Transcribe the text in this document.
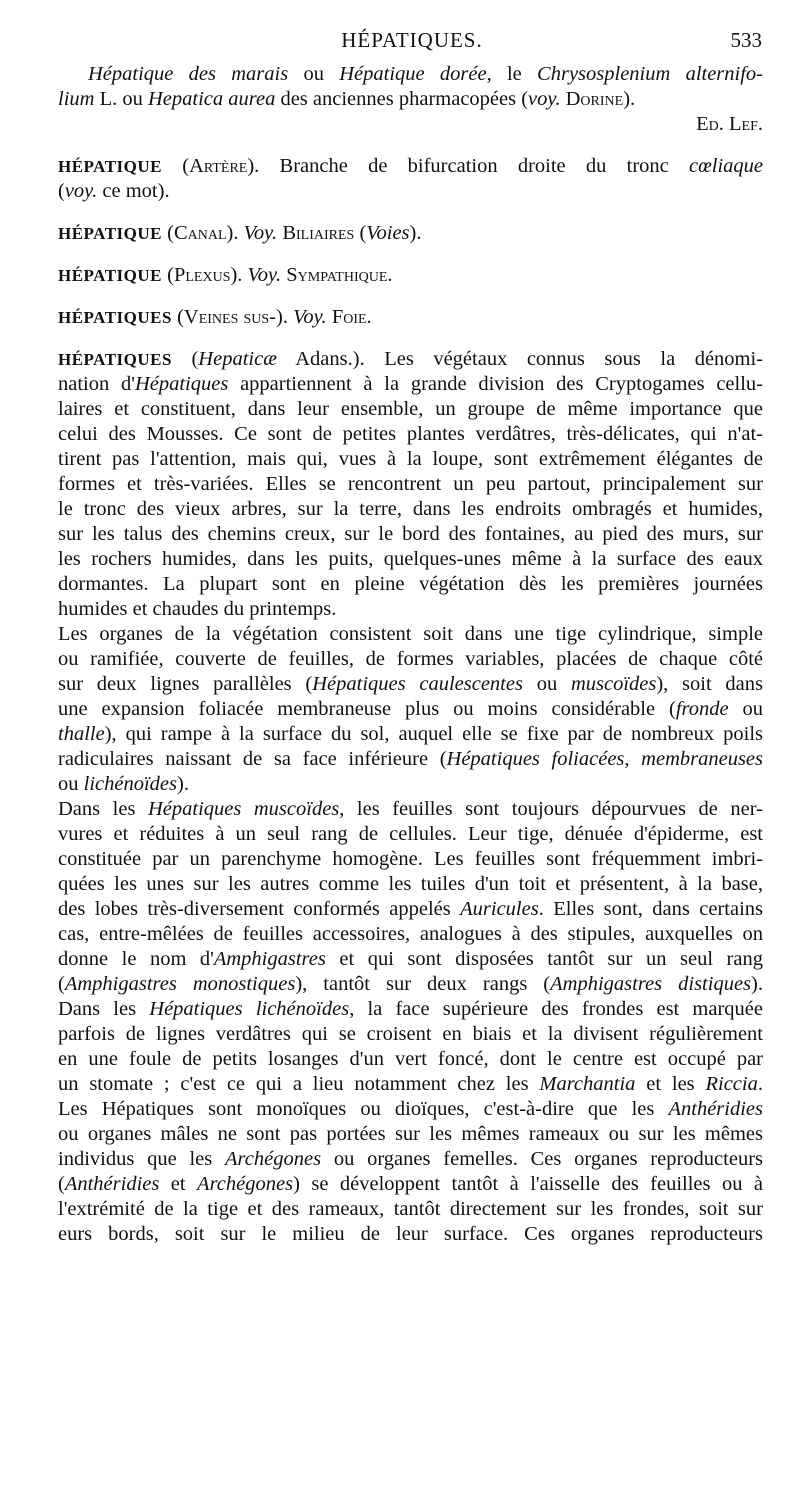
HÉPATIQUES.	533
Hépatique des marais ou Hépatique dorée, le Chrysosplenium alternifo-
lium L. ou Hepatica aurea des anciennes pharmacopées (voy. Dorine).
Ed. Lef.
HÉPATIQUE (Artère). Branche de bifurcation droite du tronc cœliaque
(voy. ce mot).
HÉPATIQUE (Canal). Voy. Biliaires (Voies).
HÉPATIQUE (Plexus). Voy. Sympathique.
HÉPATIQUES (Veines sus-). Voy. Foie.
HÉPATIQUES (Hepaticæ Adans.). Les végétaux connus sous la dénomi-
nation d'Hépatiques appartiennent à la grande division des Cryptogames cellu-
laires et constituent, dans leur ensemble, un groupe de même importance que
celui des Mousses. Ce sont de petites plantes verdâtres, très-délicates, qui n'at-
tirent pas l'attention, mais qui, vues à la loupe, sont extrêmement élégantes de
formes et très-variées. Elles se rencontrent un peu partout, principalement sur
le tronc des vieux arbres, sur la terre, dans les endroits ombragés et humides,
sur les talus des chemins creux, sur le bord des fontaines, au pied des murs, sur
les rochers humides, dans les puits, quelques-unes même à la surface des eaux
dormantes. La plupart sont en pleine végétation dès les premières journées
humides et chaudes du printemps.
Les organes de la végétation consistent soit dans une tige cylindrique, simple
ou ramifiée, couverte de feuilles, de formes variables, placées de chaque côté
sur deux lignes parallèles (Hépatiques caulescentes ou muscoïdes), soit dans
une expansion foliacée membraneuse plus ou moins considérable (fronde ou
thalle), qui rampe à la surface du sol, auquel elle se fixe par de nombreux poils
radiculaires naissant de sa face inférieure (Hépatiques foliacées, membraneuses
ou lichénoïdes).
Dans les Hépatiques muscoïdes, les feuilles sont toujours dépourvues de ner-
vures et réduites à un seul rang de cellules. Leur tige, dénuée d'épiderme, est
constituée par un parenchyme homogène. Les feuilles sont fréquemment imbri-
quées les unes sur les autres comme les tuiles d'un toit et présentent, à la base,
des lobes très-diversement conformés appelés Auricules. Elles sont, dans certains
cas, entre-mêlées de feuilles accessoires, analogues à des stipules, auxquelles on
donne le nom d'Amphigastres et qui sont disposées tantôt sur un seul rang
(Amphigastres monostiques), tantôt sur deux rangs (Amphigastres distiques).
Dans les Hépatiques lichénoïdes, la face supérieure des frondes est marquée
parfois de lignes verdâtres qui se croisent en biais et la divisent régulièrement
en une foule de petits losanges d'un vert foncé, dont le centre est occupé par
un stomate ; c'est ce qui a lieu notamment chez les Marchantia et les Riccia.
Les Hépatiques sont monoïques ou dioïques, c'est-à-dire que les Anthéridies
ou organes mâles ne sont pas portées sur les mêmes rameaux ou sur les mêmes
individus que les Archégones ou organes femelles. Ces organes reproducteurs
(Anthéridies et Archégones) se développent tantôt à l'aisselle des feuilles ou à
l'extrémité de la tige et des rameaux, tantôt directement sur les frondes, soit sur
eurs bords, soit sur le milieu de leur surface. Ces organes reproducteurs
